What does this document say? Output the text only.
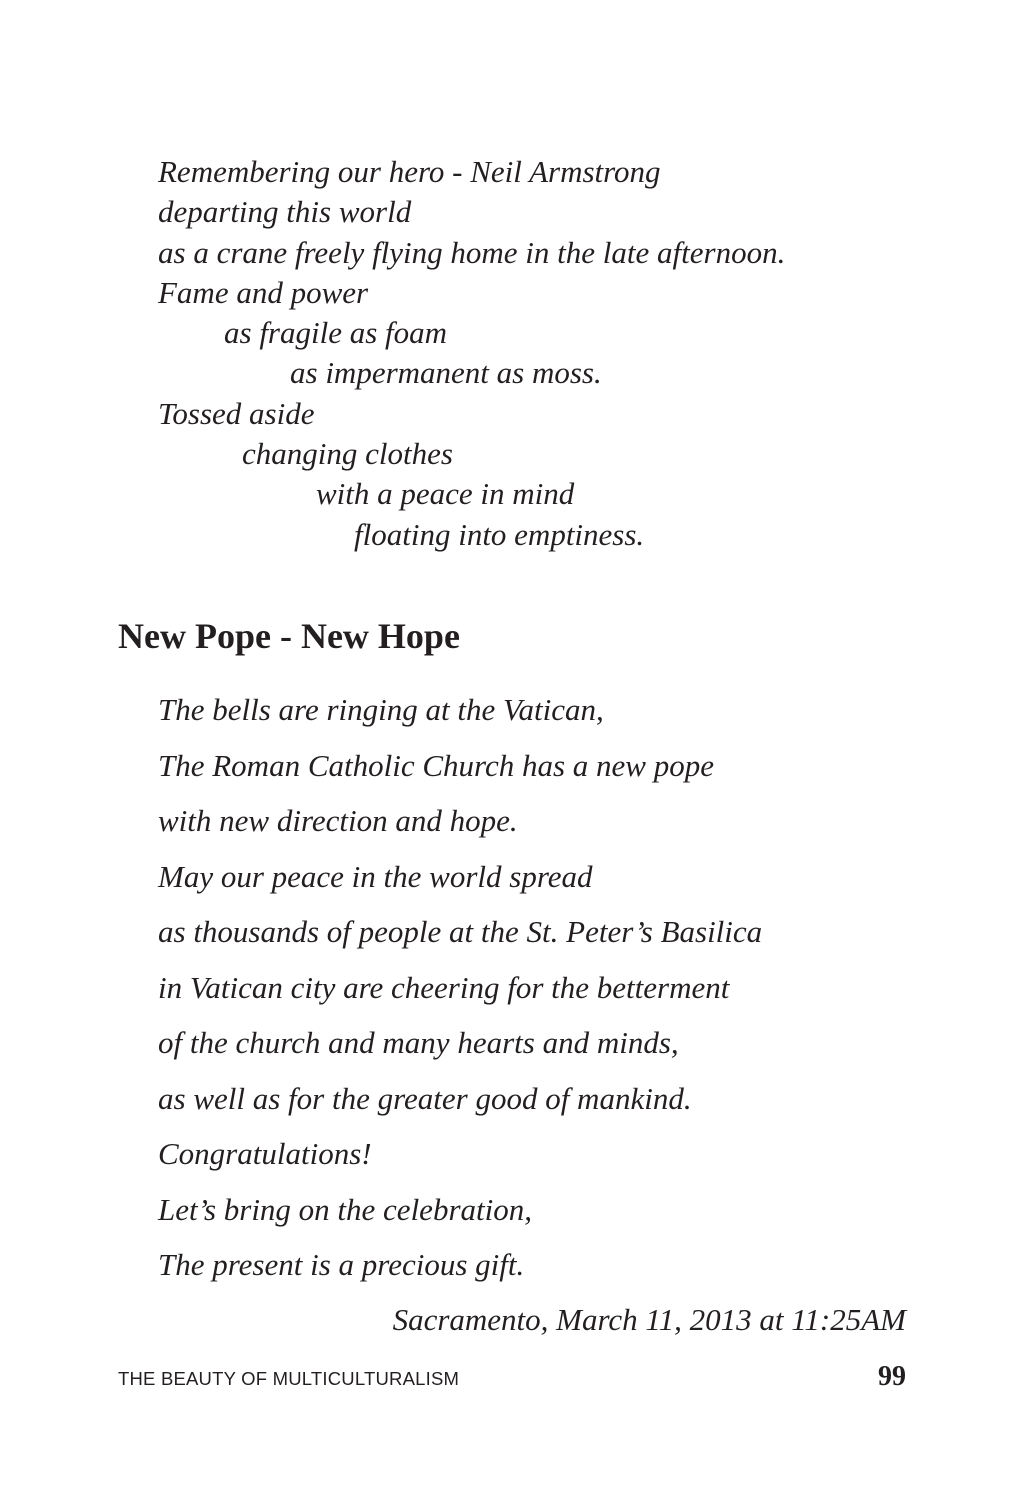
Remembering our hero - Neil Armstrong
departing this world
as a crane freely flying home in the late afternoon.
Fame and power
as fragile as foam
as impermanent as moss.
Tossed aside
changing clothes
with a peace in mind
floating into emptiness.
New Pope - New Hope
The bells are ringing at the Vatican,
The Roman Catholic Church has a new pope
with new direction and hope.
May our peace in the world spread
as thousands of people at the St. Peter’s Basilica
in Vatican city are cheering for the betterment
of the church and many hearts and minds,
as well as for the greater good of mankind.
Congratulations!
Let’s bring on the celebration,
The present is a precious gift.
Sacramento, March 11, 2013 at 11:25AM
THE BEAUTY OF MULTICULTURALISM	99
